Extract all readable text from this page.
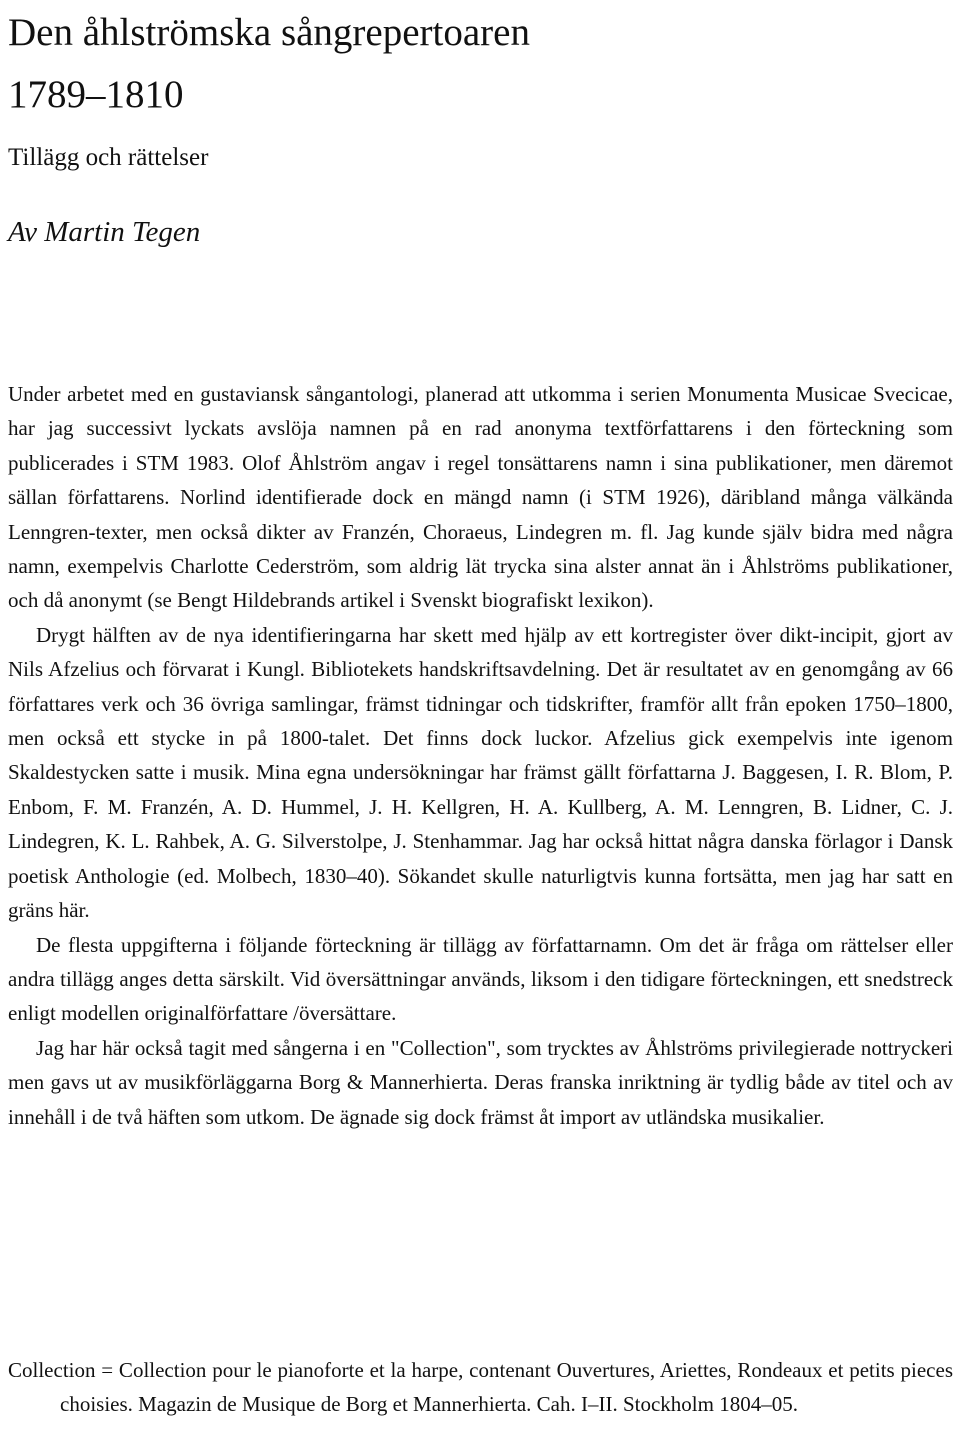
Den åhlströmska sångrepertoaren
1789–1810
Tillägg och rättelser
Av Martin Tegen

Under arbetet med en gustaviansk sångantologi, planerad att utkomma i serien Monumenta Musicae Svecicae, har jag successivt lyckats avslöja namnen på en rad anonyma textförfattarens i den förteckning som publicerades i STM 1983. Olof Åhlström angav i regel tonsättarens namn i sina publikationer, men däremot sällan författarens. Norlind identifierade dock en mängd namn (i STM 1926), däribland många välkända Lenngren-texter, men också dikter av Franzén, Choraeus, Lindegren m. fl. Jag kunde själv bidra med några namn, exempelvis Charlotte Cederström, som aldrig lät trycka sina alster annat än i Åhlströms publikationer, och då anonymt (se Bengt Hildebrands artikel i Svenskt biografiskt lexikon).

Drygt hälften av de nya identifieringarna har skett med hjälp av ett kortregister över dikt-incipit, gjort av Nils Afzelius och förvarat i Kungl. Bibliotekets handskriftsavdelning. Det är resultatet av en genomgång av 66 författares verk och 36 övriga samlingar, främst tidningar och tidskrifter, framför allt från epoken 1750–1800, men också ett stycke in på 1800-talet. Det finns dock luckor. Afzelius gick exempelvis inte igenom Skaldestycken satte i musik. Mina egna undersökningar har främst gällt författarna J. Baggesen, I. R. Blom, P. Enbom, F. M. Franzén, A. D. Hummel, J. H. Kellgren, H. A. Kullberg, A. M. Lenngren, B. Lidner, C. J. Lindegren, K. L. Rahbek, A. G. Silverstolpe, J. Stenhammar. Jag har också hittat några danska förlagor i Dansk poetisk Anthologie (ed. Molbech, 1830–40). Sökandet skulle naturligtvis kunna fortsätta, men jag har satt en gräns här.

De flesta uppgifterna i följande förteckning är tillägg av författarnamn. Om det är fråga om rättelser eller andra tillägg anges detta särskilt. Vid översättningar används, liksom i den tidigare förteckningen, ett snedstreck enligt modellen originalförfattare /översättare.

Jag har här också tagit med sångerna i en "Collection", som trycktes av Åhlströms privilegierade nottryckeri men gavs ut av musikförläggarna Borg & Mannerhierta. Deras franska inriktning är tydlig både av titel och av innehåll i de två häften som utkom. De ägnade sig dock främst åt import av utländska musikalier.

Collection = Collection pour le pianoforte et la harpe, contenant Ouvertures, Ariettes, Rondeaux et petits pieces choisies. Magazin de Musique de Borg et Mannerhierta. Cah. I–II. Stockholm 1804–05.
